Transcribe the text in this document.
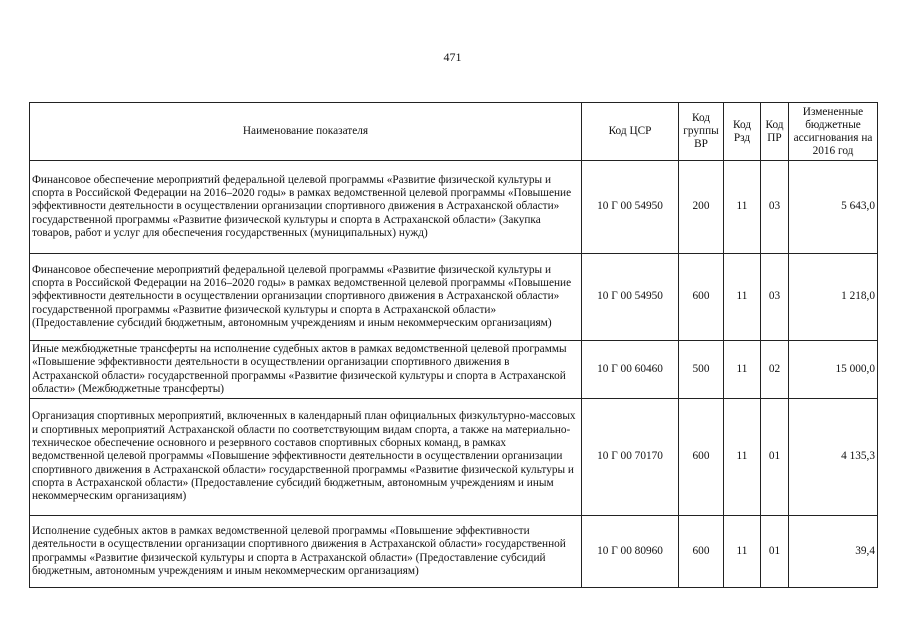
471
Наименование показателя	Код ЦСР	Код группы ВР	Код Рзд	Код ПР	Измененные бюджетные ассигнования на 2016 год
Финансовое обеспечение мероприятий федеральной целевой программы «Развитие физической культуры и спорта в Российской Федерации на 2016–2020 годы» в рамках ведомственной целевой программы «Повышение эффективности деятельности в осуществлении организации спортивного движения в Астраханской области» государственной программы «Развитие физической культуры и спорта в Астраханской области» (Закупка товаров, работ и услуг для обеспечения государственных (муниципальных) нужд)	10 Г 00 54950	200	11	03	5 643,0
Финансовое обеспечение мероприятий федеральной целевой программы «Развитие физической культуры и спорта в Российской Федерации на 2016–2020 годы» в рамках ведомственной целевой программы «Повышение эффективности деятельности в осуществлении организации спортивного движения в Астраханской области» государственной программы «Развитие физической культуры и спорта в Астраханской области» (Предоставление субсидий бюджетным, автономным учреждениям и иным некоммерческим организациям)	10 Г 00 54950	600	11	03	1 218,0
Иные межбюджетные трансферты на исполнение судебных актов в рамках ведомственной целевой программы «Повышение эффективности деятельности в осуществлении организации спортивного движения в Астраханской области» государственной программы «Развитие физической культуры и спорта в Астраханской области» (Межбюджетные трансферты)	10 Г 00 60460	500	11	02	15 000,0
Организация спортивных мероприятий, включенных в календарный план официальных физкультурно-массовых и спортивных мероприятий Астраханской области по соответствующим видам спорта, а также на материально-техническое обеспечение основного и резервного составов спортивных сборных команд, в рамках ведомственной целевой программы «Повышение эффективности деятельности в осуществлении организации спортивного движения в Астраханской области» государственной программы «Развитие физической культуры и спорта в Астраханской области» (Предоставление субсидий бюджетным, автономным учреждениям и иным некоммерческим организациям)	10 Г 00 70170	600	11	01	4 135,3
Исполнение судебных актов в рамках ведомственной целевой программы «Повышение эффективности деятельности в осуществлении организации спортивного движения в Астраханской области» государственной программы «Развитие физической культуры и спорта в Астраханской области» (Предоставление субсидий бюджетным, автономным учреждениям и иным некоммерческим организациям)	10 Г 00 80960	600	11	01	39,4
